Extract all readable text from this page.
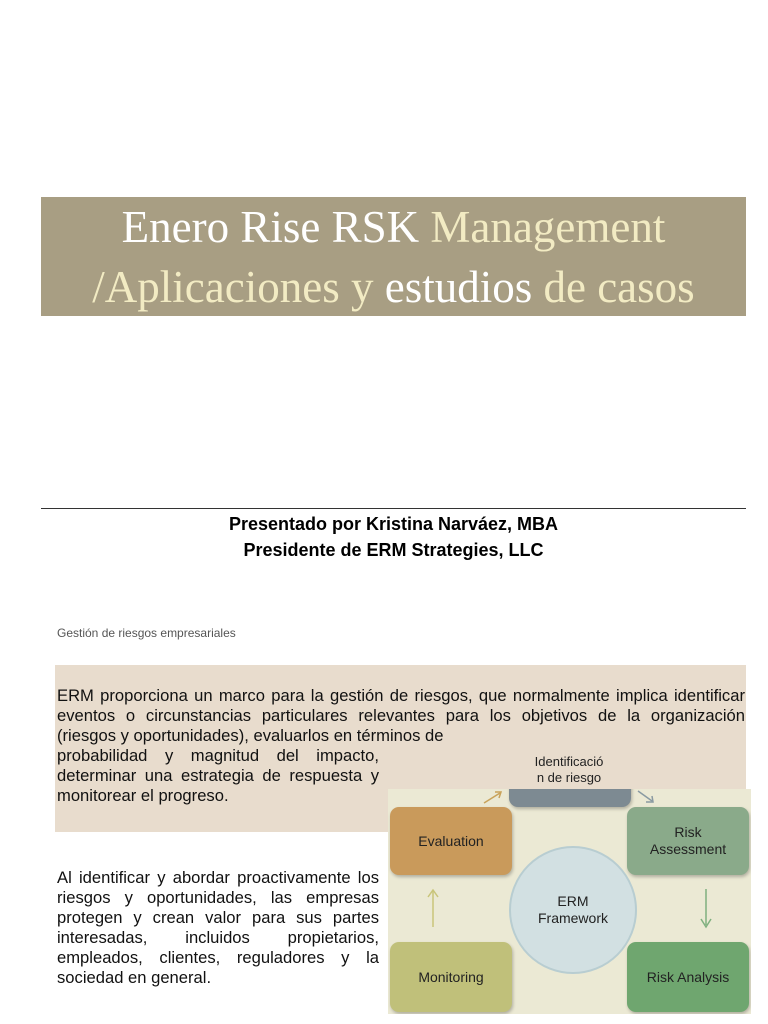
Enero Rise RSK Management
/Aplicaciones y estudios de casos
Presentado por Kristina Narváez, MBA
Presidente de ERM Strategies, LLC
Gestión de riesgos empresariales

ERM proporciona un marco para la gestión de riesgos, que normalmente implica identificar eventos o circunstancias particulares relevantes para los objetivos de la organización (riesgos y oportunidades), evaluarlos en términos de

probabilidad y magnitud del impacto, determinar una estrategia de respuesta y monitorear el progreso.

Identificació
n de riesgo
Evaluation
Risk
Assessment
Monitoring	Risk Analysis
ERM
Framework

Al identificar y abordar proactivamente los riesgos y oportunidades, las empresas protegen y crean valor para sus partes interesadas, incluidos propietarios, empleados, clientes, reguladores y la sociedad en general.
